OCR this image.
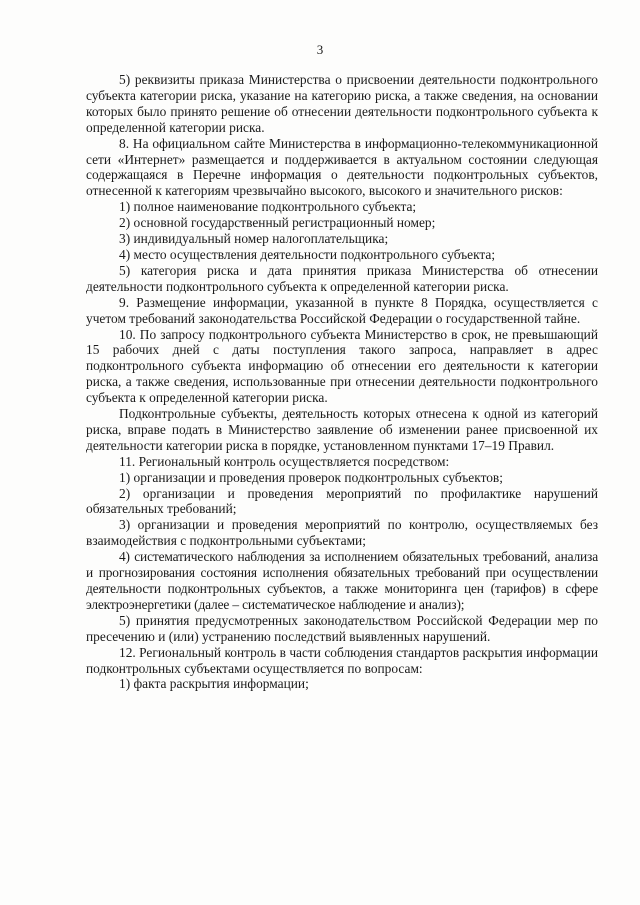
3

5) реквизиты приказа Министерства о присвоении деятельности подконтрольного субъекта категории риска, указание на категорию риска, а также сведения, на основании которых было принято решение об отнесении деятельности подконтрольного субъекта к определенной категории риска.

8. На официальном сайте Министерства в информационно-телекоммуникационной сети «Интернет» размещается и поддерживается в актуальном состоянии следующая содержащаяся в Перечне информация о деятельности подконтрольных субъектов, отнесенной к категориям чрезвычайно высокого, высокого и значительного рисков:

1) полное наименование подконтрольного субъекта;

2) основной государственный регистрационный номер;

3) индивидуальный номер налогоплательщика;

4) место осуществления деятельности подконтрольного субъекта;

5) категория риска и дата принятия приказа Министерства об отнесении деятельности подконтрольного субъекта к определенной категории риска.

9. Размещение информации, указанной в пункте 8 Порядка, осуществляется с учетом требований законодательства Российской Федерации о государственной тайне.

10. По запросу подконтрольного субъекта Министерство в срок, не превышающий 15 рабочих дней с даты поступления такого запроса, направляет в адрес подконтрольного субъекта информацию об отнесении его деятельности к категории риска, а также сведения, использованные при отнесении деятельности подконтрольного субъекта к определенной категории риска.

Подконтрольные субъекты, деятельность которых отнесена к одной из категорий риска, вправе подать в Министерство заявление об изменении ранее присвоенной их деятельности категории риска в порядке, установленном пунктами 17–19 Правил.

11. Региональный контроль осуществляется посредством:

1) организации и проведения проверок подконтрольных субъектов;

2) организации и проведения мероприятий по профилактике нарушений обязательных требований;

3) организации и проведения мероприятий по контролю, осуществляемых без взаимодействия с подконтрольными субъектами;

4) систематического наблюдения за исполнением обязательных требований, анализа и прогнозирования состояния исполнения обязательных требований при осуществлении деятельности подконтрольных субъектов, а также мониторинга цен (тарифов) в сфере электроэнергетики (далее – систематическое наблюдение и анализ);

5) принятия предусмотренных законодательством Российской Федерации мер по пресечению и (или) устранению последствий выявленных нарушений.

12. Региональный контроль в части соблюдения стандартов раскрытия информации подконтрольных субъектами осуществляется по вопросам:

1) факта раскрытия информации;
